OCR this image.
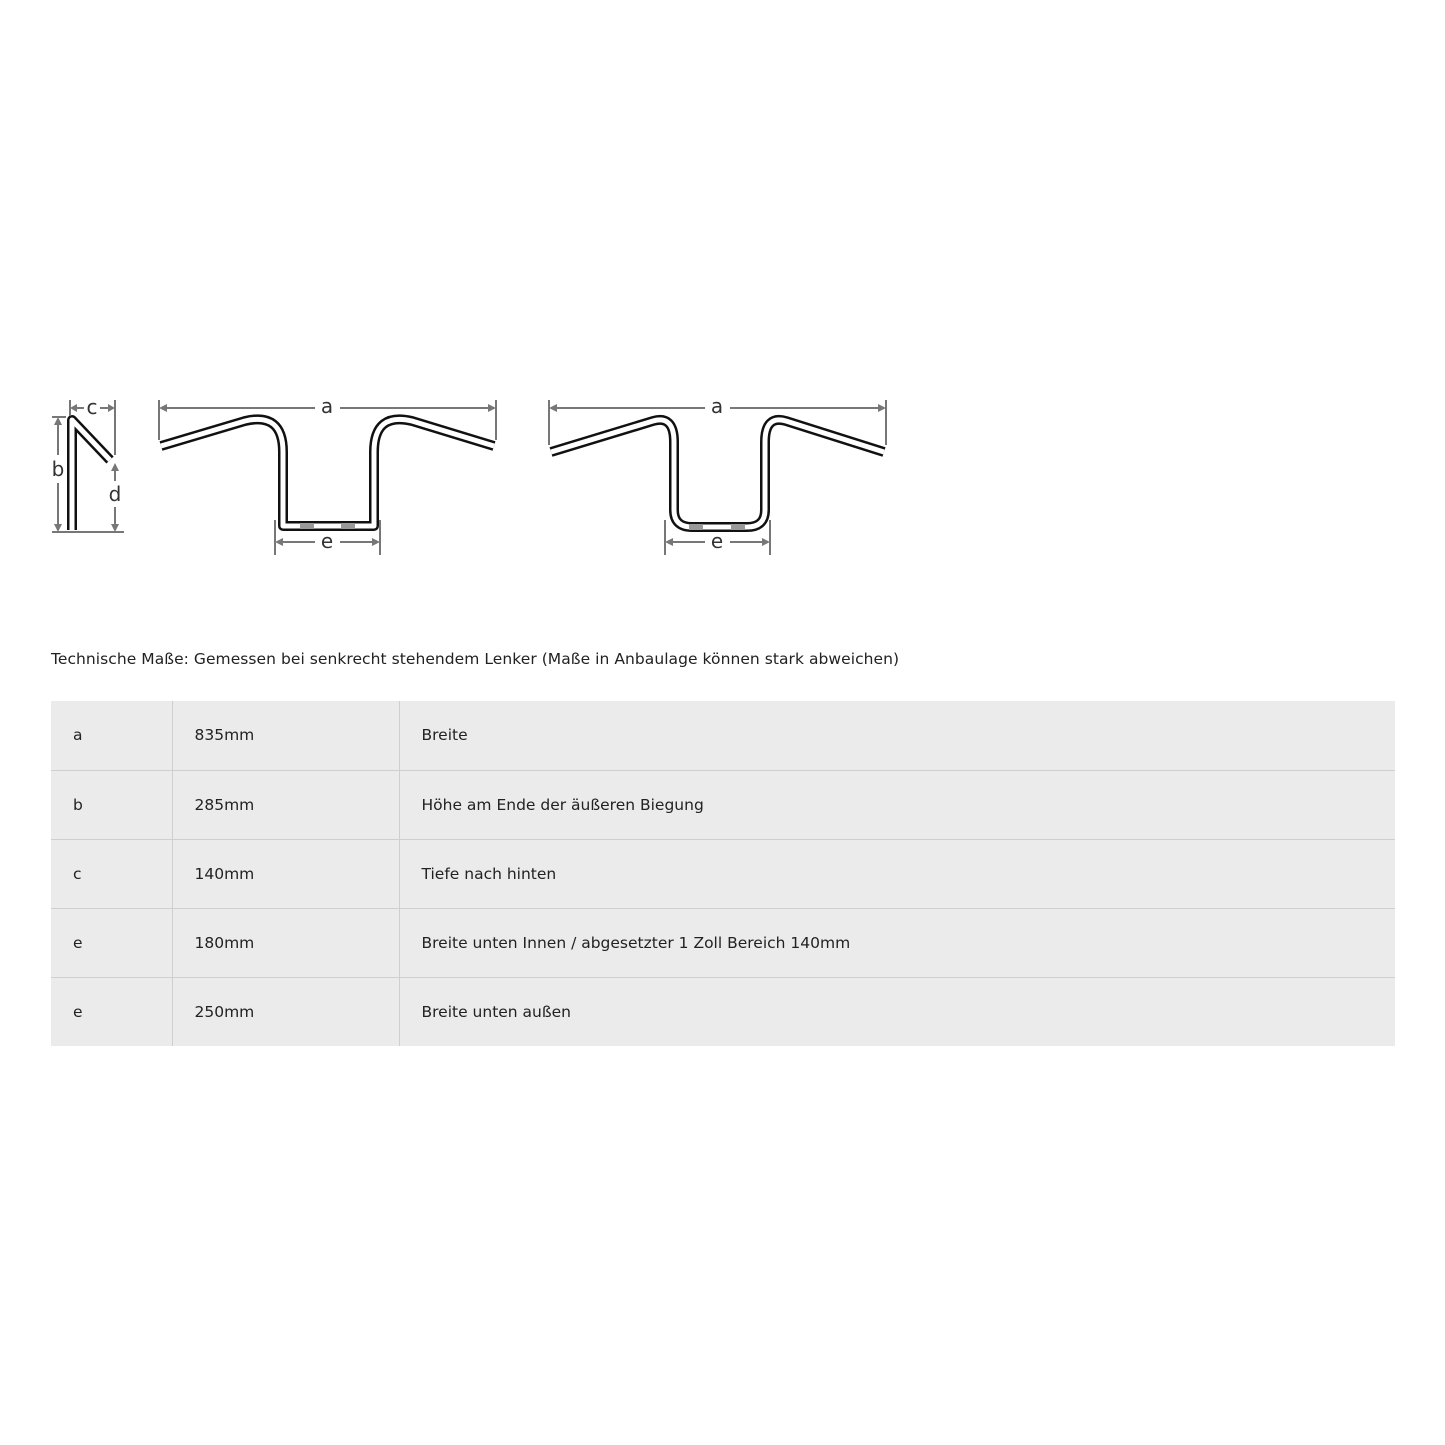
c
b
d
a
e
a
e
Technische Maße: Gemessen bei senkrecht stehendem Lenker (Maße in Anbaulage können stark abweichen)
a	835mm	Breite
b	285mm	Höhe am Ende der äußeren Biegung
c	140mm	Tiefe nach hinten
e	180mm	Breite unten Innen / abgesetzter 1 Zoll Bereich 140mm
e	250mm	Breite unten außen
